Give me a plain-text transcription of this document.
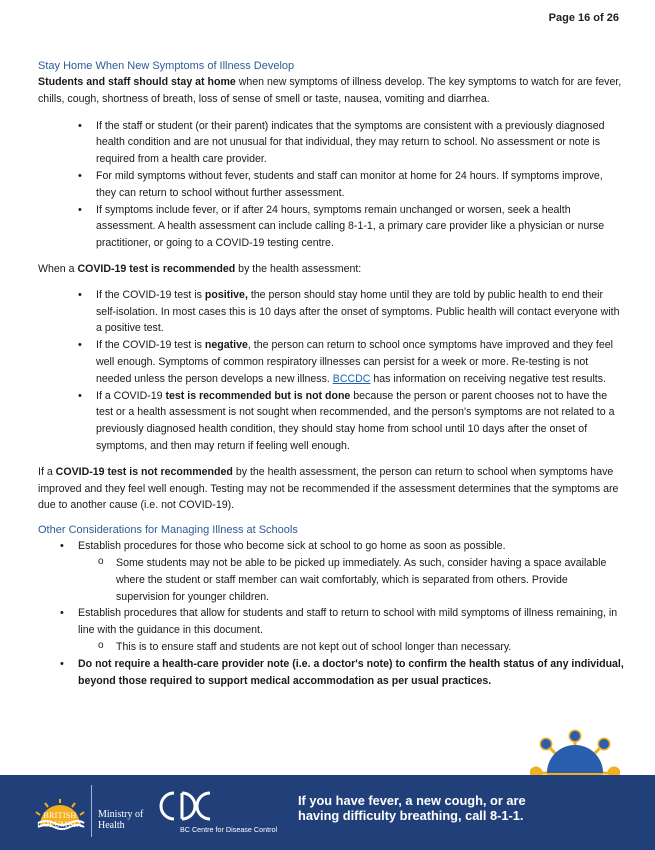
Page 16 of 26

Stay Home When New Symptoms of Illness Develop

Students and staff should stay at home when new symptoms of illness develop. The key symptoms to watch for are fever, chills, cough, shortness of breath, loss of sense of smell or taste, nausea, vomiting and diarrhea.

• If the staff or student (or their parent) indicates that the symptoms are consistent with a previously diagnosed health condition and are not unusual for that individual, they may return to school. No assessment or note is required from a health care provider.
• For mild symptoms without fever, students and staff can monitor at home for 24 hours. If symptoms improve, they can return to school without further assessment.
• If symptoms include fever, or if after 24 hours, symptoms remain unchanged or worsen, seek a health assessment. A health assessment can include calling 8-1-1, a primary care provider like a physician or nurse practitioner, or going to a COVID-19 testing centre.

When a COVID-19 test is recommended by the health assessment:

• If the COVID-19 test is positive, the person should stay home until they are told by public health to end their self-isolation. In most cases this is 10 days after the onset of symptoms. Public health will contact everyone with a positive test.
• If the COVID-19 test is negative, the person can return to school once symptoms have improved and they feel well enough. Symptoms of common respiratory illnesses can persist for a week or more. Re-testing is not needed unless the person develops a new illness. BCCDC has information on receiving negative test results.
• If a COVID-19 test is recommended but is not done because the person or parent chooses not to have the test or a health assessment is not sought when recommended, and the person's symptoms are not related to a previously diagnosed health condition, they should stay home from school until 10 days after the onset of symptoms, and then may return if feeling well enough.

If a COVID-19 test is not recommended by the health assessment, the person can return to school when symptoms have improved and they feel well enough. Testing may not be recommended if the assessment determines that the symptoms are due to another cause (i.e. not COVID-19).

Other Considerations for Managing Illness at Schools

• Establish procedures for those who become sick at school to go home as soon as possible.
o Some students may not be able to be picked up immediately. As such, consider having a space available where the student or staff member can wait comfortably, which is separated from others. Provide supervision for younger children.
• Establish procedures that allow for students and staff to return to school with mild symptoms of illness remaining, in line with the guidance in this document.
o This is to ensure staff and students are not kept out of school longer than necessary.
• Do not require a health-care provider note (i.e. a doctor's note) to confirm the health status of any individual, beyond those required to support medical accommodation as per usual practices.
BRITISH
COLUMBIA
Ministry of
Health	BC Centre for Disease Control
If you have fever, a new cough, or are having difficulty breathing, call 8-1-1.
